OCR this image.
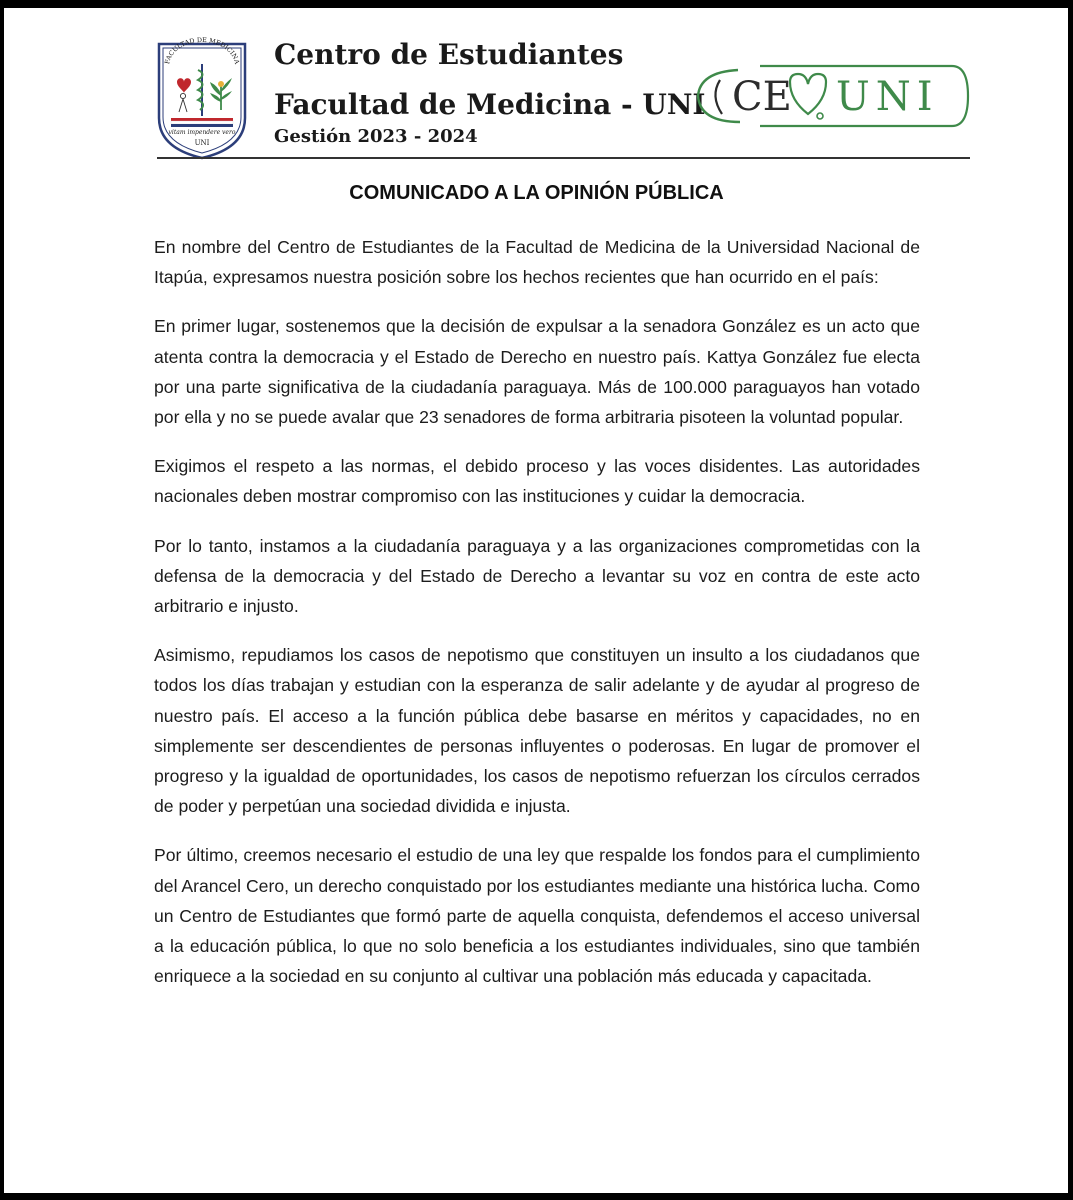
FACULTAD DE MEDICINA
vitam impendere vero
UNI
Centro de Estudiantes
Facultad de Medicina - UNI
Gestión 2023 - 2024
CE UNI
COMUNICADO A LA OPINIÓN PÚBLICA

En nombre del Centro de Estudiantes de la Facultad de Medicina de la Universidad Nacional de Itapúa, expresamos nuestra posición sobre los hechos recientes que han ocurrido en el país:

En primer lugar, sostenemos que la decisión de expulsar a la senadora González es un acto que atenta contra la democracia y el Estado de Derecho en nuestro país. Kattya González fue electa por una parte significativa de la ciudadanía paraguaya. Más de 100.000 paraguayos han votado por ella y no se puede avalar que 23 senadores de forma arbitraria pisoteen la voluntad popular.

Exigimos el respeto a las normas, el debido proceso y las voces disidentes. Las autoridades nacionales deben mostrar compromiso con las instituciones y cuidar la democracia.

Por lo tanto, instamos a la ciudadanía paraguaya y a las organizaciones comprometidas con la defensa de la democracia y del Estado de Derecho a levantar su voz en contra de este acto arbitrario e injusto.

Asimismo, repudiamos los casos de nepotismo que constituyen un insulto a los ciudadanos que todos los días trabajan y estudian con la esperanza de salir adelante y de ayudar al progreso de nuestro país. El acceso a la función pública debe basarse en méritos y capacidades, no en simplemente ser descendientes de personas influyentes o poderosas. En lugar de promover el progreso y la igualdad de oportunidades, los casos de nepotismo refuerzan los círculos cerrados de poder y perpetúan una sociedad dividida e injusta.

Por último, creemos necesario el estudio de una ley que respalde los fondos para el cumplimiento del Arancel Cero, un derecho conquistado por los estudiantes mediante una histórica lucha. Como un Centro de Estudiantes que formó parte de aquella conquista, defendemos el acceso universal a la educación pública, lo que no solo beneficia a los estudiantes individuales, sino que también enriquece a la sociedad en su conjunto al cultivar una población más educada y capacitada.
